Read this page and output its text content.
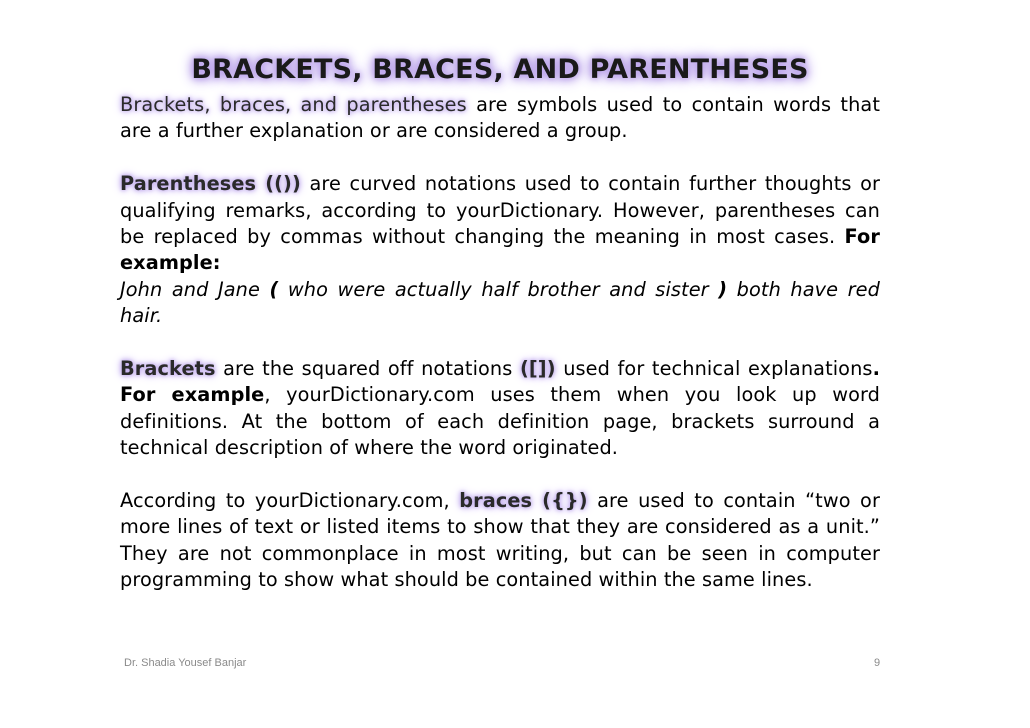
BRACKETS, BRACES, AND PARENTHESES

Brackets, braces, and parentheses are symbols used to contain words that are a further explanation or are considered a group.

Parentheses (()) are curved notations used to contain further thoughts or qualifying remarks, according to yourDictionary. However, parentheses can be replaced by commas without changing the meaning in most cases. For example:
John and Jane ( who were actually half brother and sister ) both have red hair.

Brackets are the squared off notations ([]) used for technical explanations. For example, yourDictionary.com uses them when you look up word definitions. At the bottom of each definition page, brackets surround a technical description of where the word originated.

According to yourDictionary.com, braces ({}) are used to contain “two or more lines of text or listed items to show that they are considered as a unit.” They are not commonplace in most writing, but can be seen in computer programming to show what should be contained within the same lines.

Dr. Shadia Yousef Banjar	9
